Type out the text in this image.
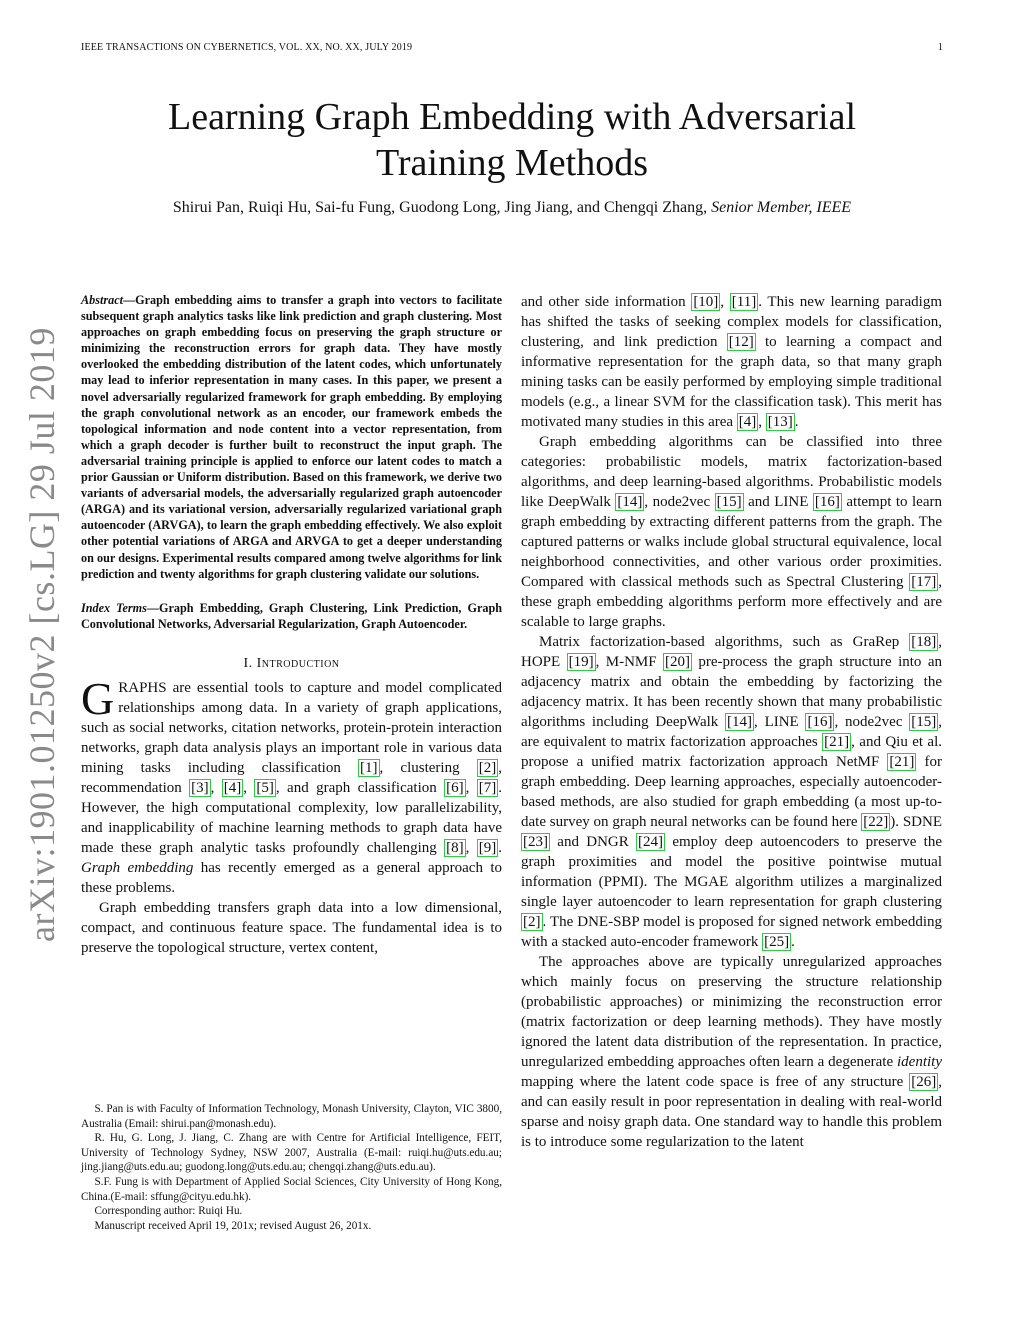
IEEE TRANSACTIONS ON CYBERNETICS, VOL. XX, NO. XX, JULY 2019	1
Learning Graph Embedding with Adversarial
Training Methods
Shirui Pan, Ruiqi Hu, Sai-fu Fung, Guodong Long, Jing Jiang, and Chengqi Zhang, Senior Member, IEEE
arXiv:1901.01250v2 [cs.LG] 29 Jul 2019

Abstract—Graph embedding aims to transfer a graph into vectors to facilitate subsequent graph analytics tasks like link prediction and graph clustering. Most approaches on graph embedding focus on preserving the graph structure or minimizing the reconstruction errors for graph data. They have mostly overlooked the embedding distribution of the latent codes, which unfortunately may lead to inferior representation in many cases. In this paper, we present a novel adversarially regularized framework for graph embedding. By employing the graph convolutional network as an encoder, our framework embeds the topological information and node content into a vector representation, from which a graph decoder is further built to reconstruct the input graph. The adversarial training principle is applied to enforce our latent codes to match a prior Gaussian or Uniform distribution. Based on this framework, we derive two variants of adversarial models, the adversarially regularized graph autoencoder (ARGA) and its variational version, adversarially regularized variational graph autoencoder (ARVGA), to learn the graph embedding effectively. We also exploit other potential variations of ARGA and ARVGA to get a deeper understanding on our designs. Experimental results compared among twelve algorithms for link prediction and twenty algorithms for graph clustering validate our solutions.

Index Terms—Graph Embedding, Graph Clustering, Link Prediction, Graph Convolutional Networks, Adversarial Regularization, Graph Autoencoder.

I. Introduction

GRAPHS are essential tools to capture and model complicated relationships among data. In a variety of graph applications, such as social networks, citation networks, protein-protein interaction networks, graph data analysis plays an important role in various data mining tasks including classification [1] , clustering [2] , recommendation [3] , [4] , [5] , and graph classification [6] , [7] . However, the high computational complexity, low parallelizability, and inapplicability of machine learning methods to graph data have made these graph analytic tasks profoundly challenging [8] , [9] . Graph embedding has recently emerged as a general approach to these problems.

Graph embedding transfers graph data into a low dimensional, compact, and continuous feature space. The fundamental idea is to preserve the topological structure, vertex content,

S. Pan is with Faculty of Information Technology, Monash University, Clayton, VIC 3800, Australia (Email: shirui.pan@monash.edu).

R. Hu, G. Long, J. Jiang, C. Zhang are with Centre for Artificial Intelligence, FEIT, University of Technology Sydney, NSW 2007, Australia (E-mail: ruiqi.hu@uts.edu.au; jing.jiang@uts.edu.au; guodong.long@uts.edu.au; chengqi.zhang@uts.edu.au).

S.F. Fung is with Department of Applied Social Sciences, City University of Hong Kong, China.(E-mail: sffung@cityu.edu.hk).

Corresponding author: Ruiqi Hu.

Manuscript received April 19, 201x; revised August 26, 201x.

and other side information [10] , [11] . This new learning paradigm has shifted the tasks of seeking complex models for classification, clustering, and link prediction [12] to learning a compact and informative representation for the graph data, so that many graph mining tasks can be easily performed by employing simple traditional models (e.g., a linear SVM for the classification task). This merit has motivated many studies in this area [4] , [13] .

Graph embedding algorithms can be classified into three categories: probabilistic models, matrix factorization-based algorithms, and deep learning-based algorithms. Probabilistic models like DeepWalk [14] , node2vec [15] and LINE [16] attempt to learn graph embedding by extracting different patterns from the graph. The captured patterns or walks include global structural equivalence, local neighborhood connectivities, and other various order proximities. Compared with classical methods such as Spectral Clustering [17] , these graph embedding algorithms perform more effectively and are scalable to large graphs.

Matrix factorization-based algorithms, such as GraRep [18] , HOPE [19] , M-NMF [20] pre-process the graph structure into an adjacency matrix and obtain the embedding by factorizing the adjacency matrix. It has been recently shown that many probabilistic algorithms including DeepWalk [14] , LINE [16] , node2vec [15] , are equivalent to matrix factorization approaches [21] , and Qiu et al. propose a unified matrix factorization approach NetMF [21] for graph embedding. Deep learning approaches, especially autoencoder-based methods, are also studied for graph embedding (a most up-to-date survey on graph neural networks can be found here [22] ). SDNE [23] and DNGR [24] employ deep autoencoders to preserve the graph proximities and model the positive pointwise mutual information (PPMI). The MGAE algorithm utilizes a marginalized single layer autoencoder to learn representation for graph clustering [2] . The DNE-SBP model is proposed for signed network embedding with a stacked auto-encoder framework [25] .

The approaches above are typically unregularized approaches which mainly focus on preserving the structure relationship (probabilistic approaches) or minimizing the reconstruction error (matrix factorization or deep learning methods). They have mostly ignored the latent data distribution of the representation. In practice, unregularized embedding approaches often learn a degenerate identity mapping where the latent code space is free of any structure [26] , and can easily result in poor representation in dealing with real-world sparse and noisy graph data. One standard way to handle this problem is to introduce some regularization to the latent
